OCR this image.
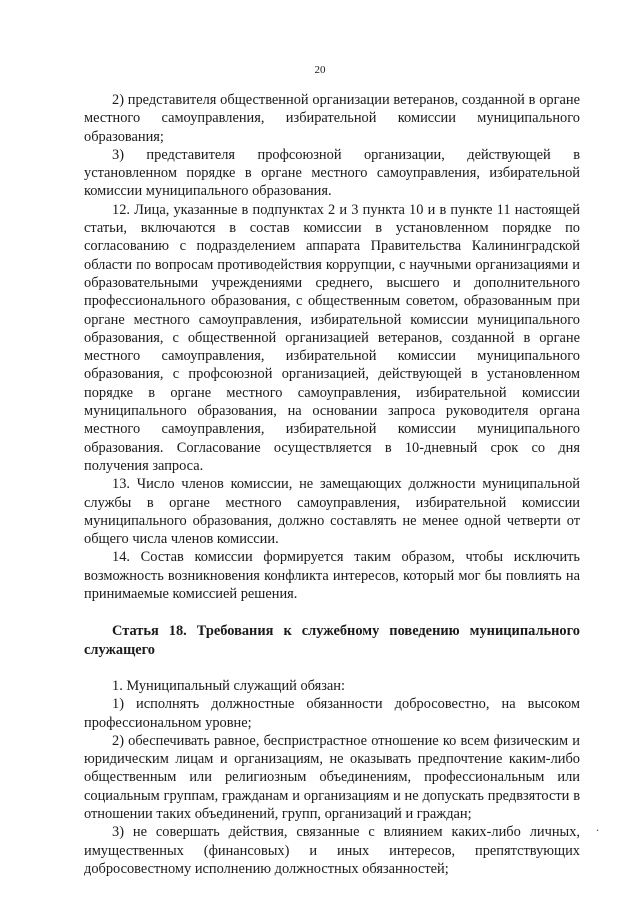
20

2) представителя общественной организации ветеранов, созданной в органе местного самоуправления, избирательной комиссии муниципального образования;

3) представителя профсоюзной организации, действующей в установленном порядке в органе местного самоуправления, избирательной комиссии муниципального образования.

12. Лица, указанные в подпунктах 2 и 3 пункта 10 и в пункте 11 настоящей статьи, включаются в состав комиссии в установленном порядке по согласованию с подразделением аппарата Правительства Калининградской области по вопросам противодействия коррупции, с научными организациями и образовательными учреждениями среднего, высшего и дополнительного профессионального образования, с общественным советом, образованным при органе местного самоуправления, избирательной комиссии муниципального образования, с общественной организацией ветеранов, созданной в органе местного самоуправления, избирательной комиссии муниципального образования, с профсоюзной организацией, действующей в установленном порядке в органе местного самоуправления, избирательной комиссии муниципального образования, на основании запроса руководителя органа местного самоуправления, избирательной комиссии муниципального образования. Согласование осуществляется в 10-дневный срок со дня получения запроса.

13. Число членов комиссии, не замещающих должности муниципальной службы в органе местного самоуправления, избирательной комиссии муниципального образования, должно составлять не менее одной четверти от общего числа членов комиссии.

14. Состав комиссии формируется таким образом, чтобы исключить возможность возникновения конфликта интересов, который мог бы повлиять на принимаемые комиссией решения.

Статья 18. Требования к служебному поведению муниципального служащего

1. Муниципальный служащий обязан:

1) исполнять должностные обязанности добросовестно, на высоком профессиональном уровне;

2) обеспечивать равное, беспристрастное отношение ко всем физическим и юридическим лицам и организациям, не оказывать предпочтение каким-либо общественным или религиозным объединениям, профессиональным или социальным группам, гражданам и организациям и не допускать предвзятости в отношении таких объединений, групп, организаций и граждан;

3) не совершать действия, связанные с влиянием каких-либо личных, имущественных (финансовых) и иных интересов, препятствующих добросовестному исполнению должностных обязанностей;

.
